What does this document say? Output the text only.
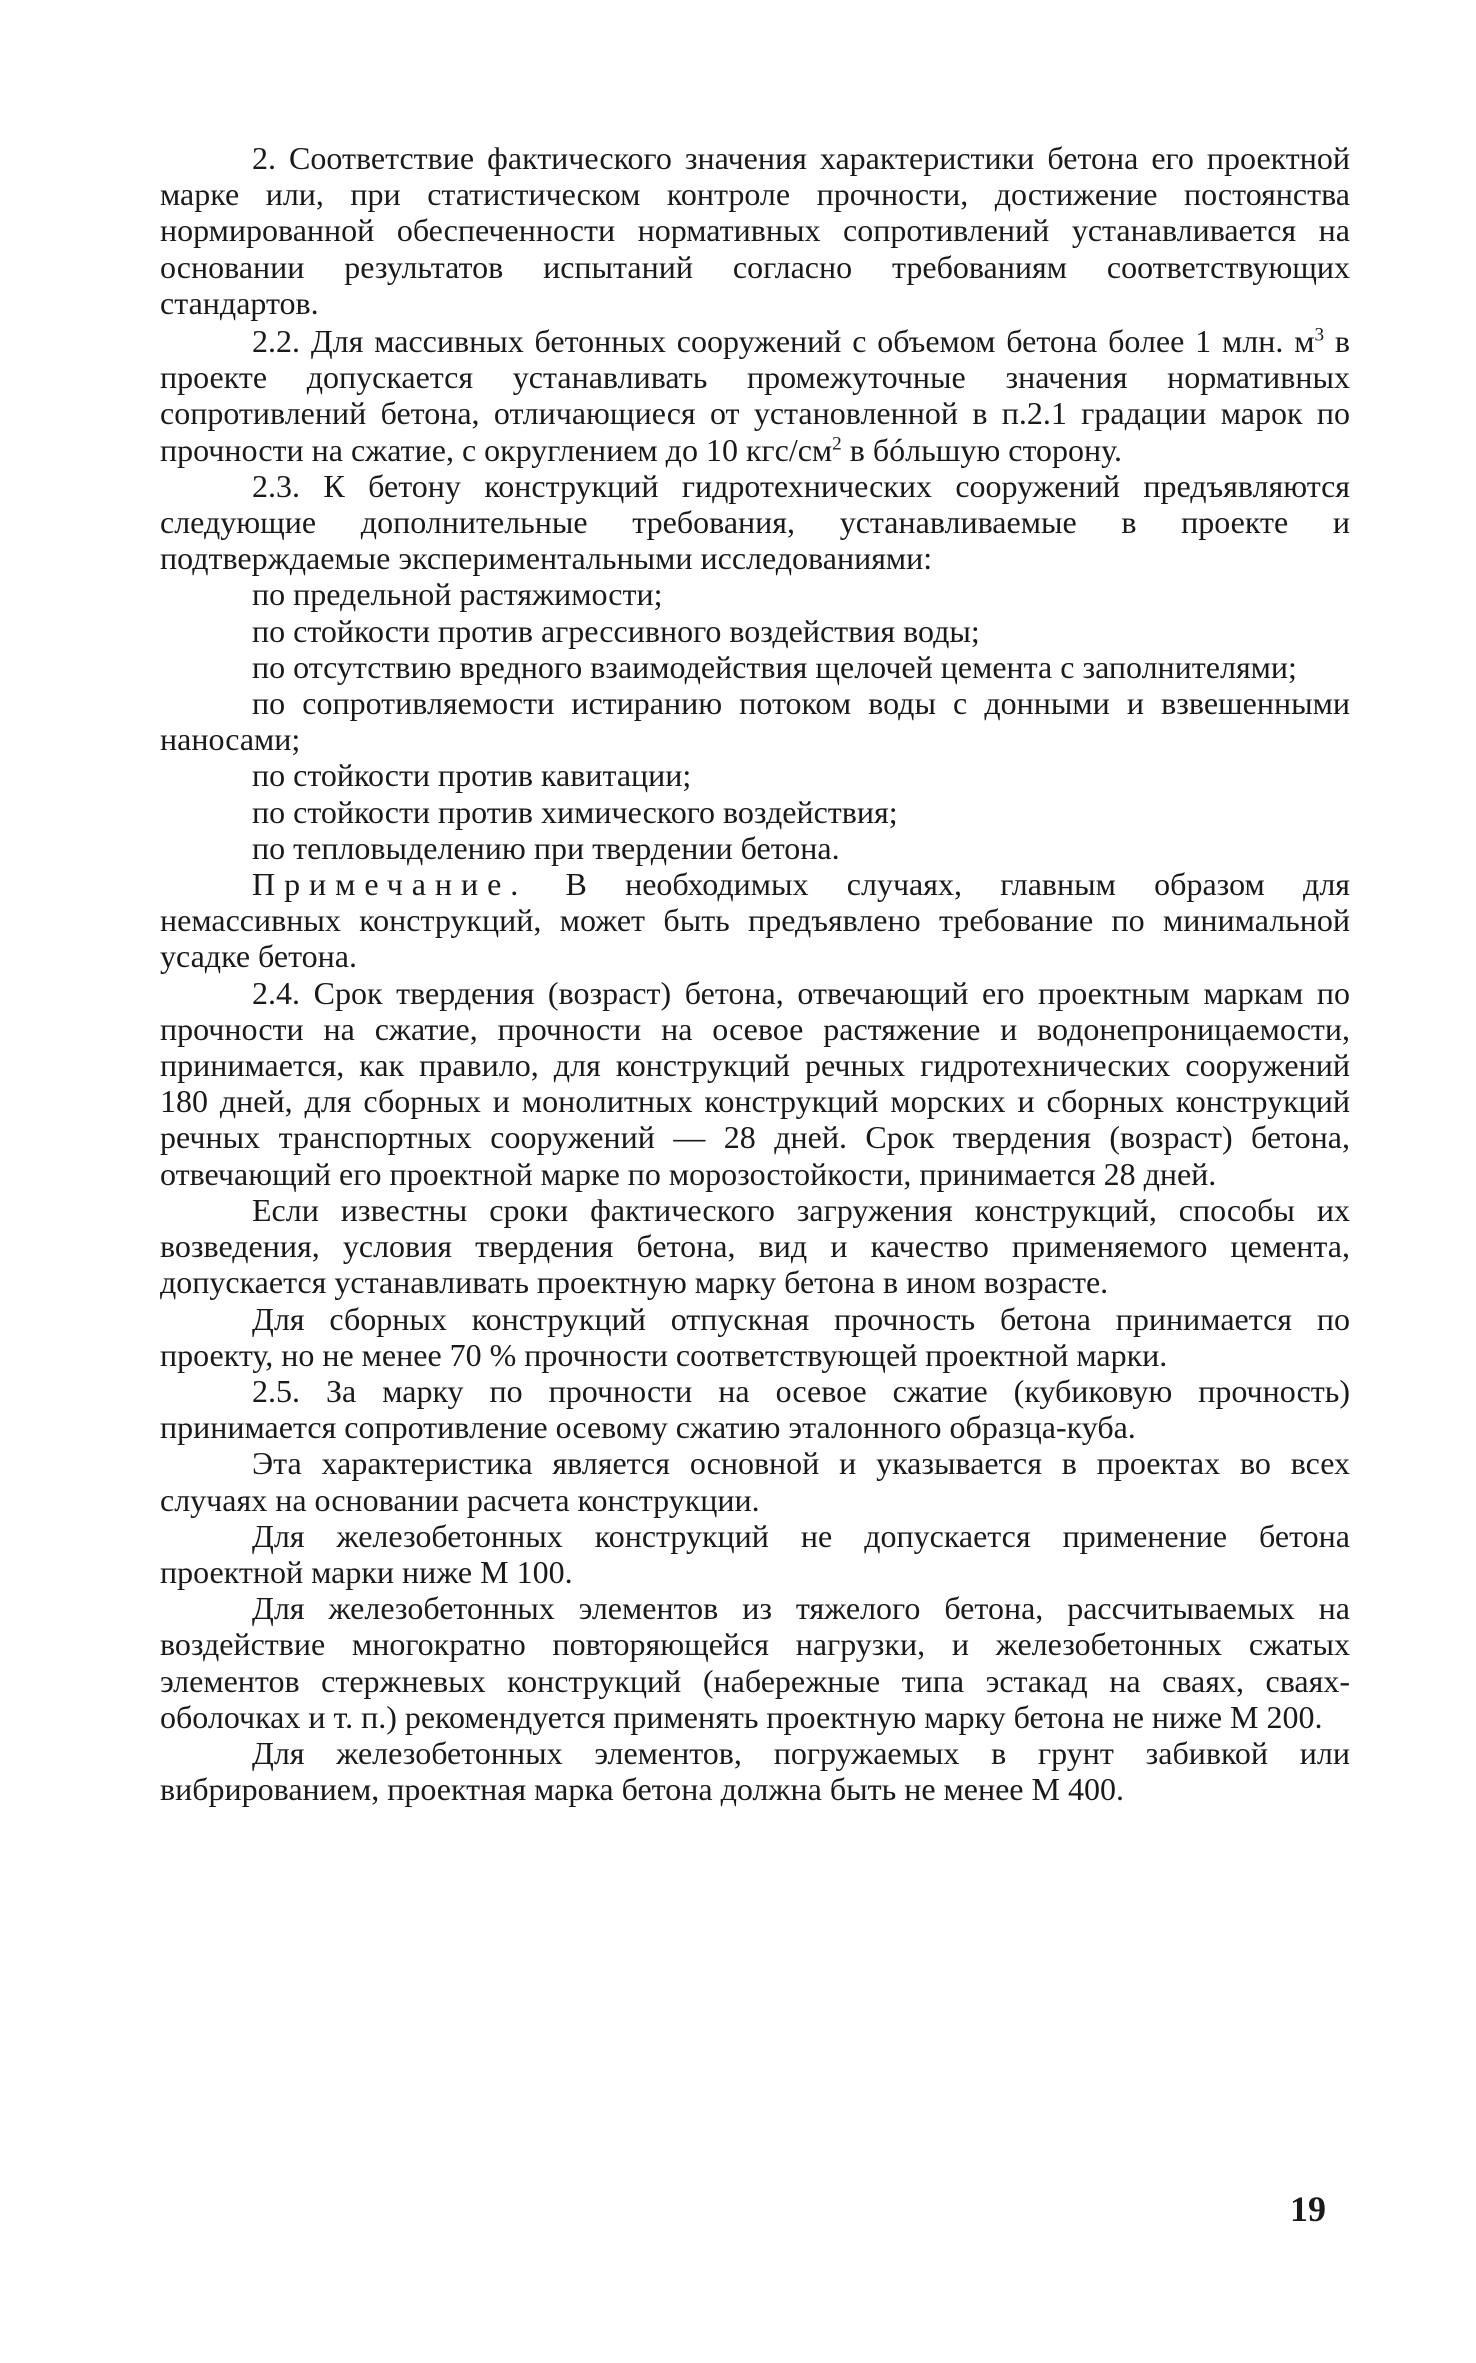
2. Соответствие фактического значения характеристики бетона его проектной марке или, при статистическом контроле прочности, достижение постоянства нормированной обеспеченности нормативных сопротивлений устанавливается на основании результатов испытаний согласно требованиям соответствующих стандартов.

2.2. Для массивных бетонных сооружений с объемом бетона более 1 млн. $м^3$ в проекте допускается устанавливать промежуточные значения нормативных сопротивлений бетона, отличающиеся от установленной в п.2.1 градации марок по прочности на сжатие, с округлением до 10 кгс/$см^2$ в бóльшую сторону.

2.3. К бетону конструкций гидротехнических сооружений предъявляются следующие дополнительные требования, устанавливаемые в проекте и подтверждаемые экспериментальными исследованиями:

по предельной растяжимости;

по стойкости против агрессивного воздействия воды;

по отсутствию вредного взаимодействия щелочей цемента с заполнителями;

по сопротивляемости истиранию потоком воды с донными и взвешенными наносами;

по стойкости против кавитации;

по стойкости против химического воздействия;

по тепловыделению при твердении бетона.

Примечание. В необходимых случаях, главным образом для немассивных конструкций, может быть предъявлено требование по минимальной усадке бетона.

2.4. Срок твердения (возраст) бетона, отвечающий его проектным маркам по прочности на сжатие, прочности на осевое растяжение и водонепроницаемости, принимается, как правило, для конструкций речных гидротехнических сооружений 180 дней, для сборных и монолитных конструкций морских и сборных конструкций речных транспортных сооружений — 28 дней. Срок твердения (возраст) бетона, отвечающий его проектной марке по морозостойкости, принимается 28 дней.

Если известны сроки фактического загружения конструкций, способы их возведения, условия твердения бетона, вид и качество применяемого цемента, допускается устанавливать проектную марку бетона в ином возрасте.

Для сборных конструкций отпускная прочность бетона принимается по проекту, но не менее 70 % прочности соответствующей проектной марки.

2.5. За марку по прочности на осевое сжатие (кубиковую прочность) принимается сопротивление осевому сжатию эталонного образца-куба.

Эта характеристика является основной и указывается в проектах во всех случаях на основании расчета конструкции.

Для железобетонных конструкций не допускается применение бетона проектной марки ниже М 100.

Для железобетонных элементов из тяжелого бетона, рассчитываемых на воздействие многократно повторяющейся нагрузки, и железобетонных сжатых элементов стержневых конструкций (набережные типа эстакад на сваях, сваях-оболочках и т. п.) рекомендуется применять проектную марку бетона не ниже М 200.

Для железобетонных элементов, погружаемых в грунт забивкой или вибрированием, проектная марка бетона должна быть не менее М 400.

19
